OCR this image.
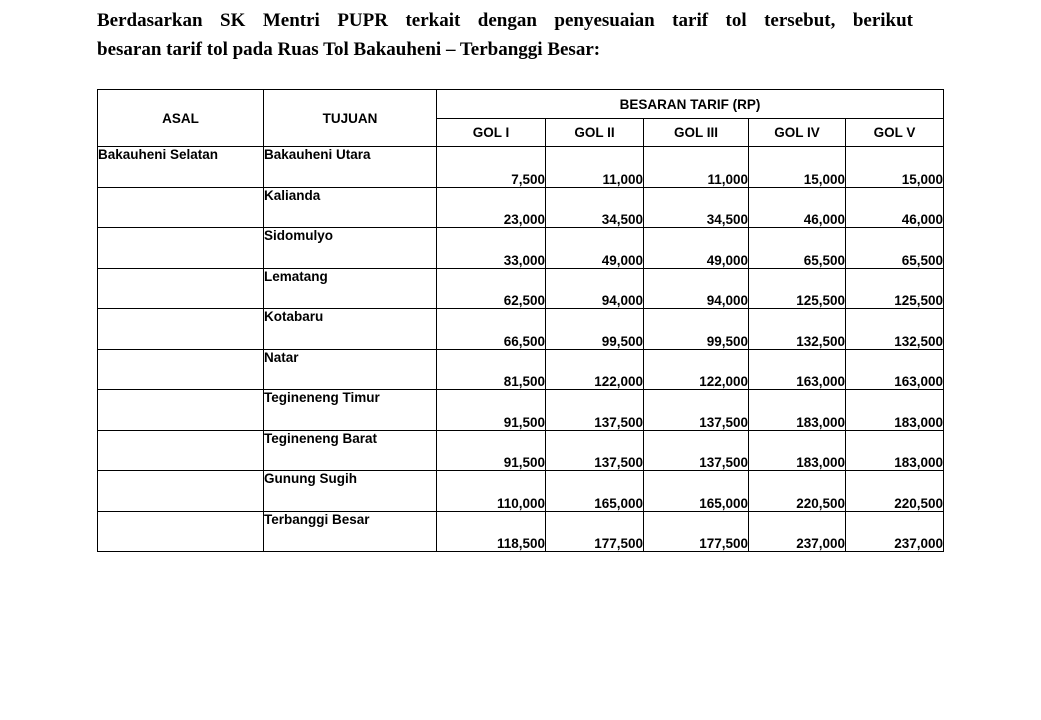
Berdasarkan SK Mentri PUPR terkait dengan penyesuaian tarif tol tersebut, berikut
besaran tarif tol pada Ruas Tol Bakauheni – Terbanggi Besar:
ASAL	TUJUAN	BESARAN TARIF (RP)				
		GOL I	GOL II	GOL III	GOL IV	GOL V
Bakauheni Selatan	Bakauheni Utara	7,500	11,000	11,000	15,000	15,000
	Kalianda	23,000	34,500	34,500	46,000	46,000
	Sidomulyo	33,000	49,000	49,000	65,500	65,500
	Lematang	62,500	94,000	94,000	125,500	125,500
	Kotabaru	66,500	99,500	99,500	132,500	132,500
	Natar	81,500	122,000	122,000	163,000	163,000
	Tegineneng Timur	91,500	137,500	137,500	183,000	183,000
	Tegineneng Barat	91,500	137,500	137,500	183,000	183,000
	Gunung Sugih	110,000	165,000	165,000	220,500	220,500
	Terbanggi Besar	118,500	177,500	177,500	237,000	237,000
